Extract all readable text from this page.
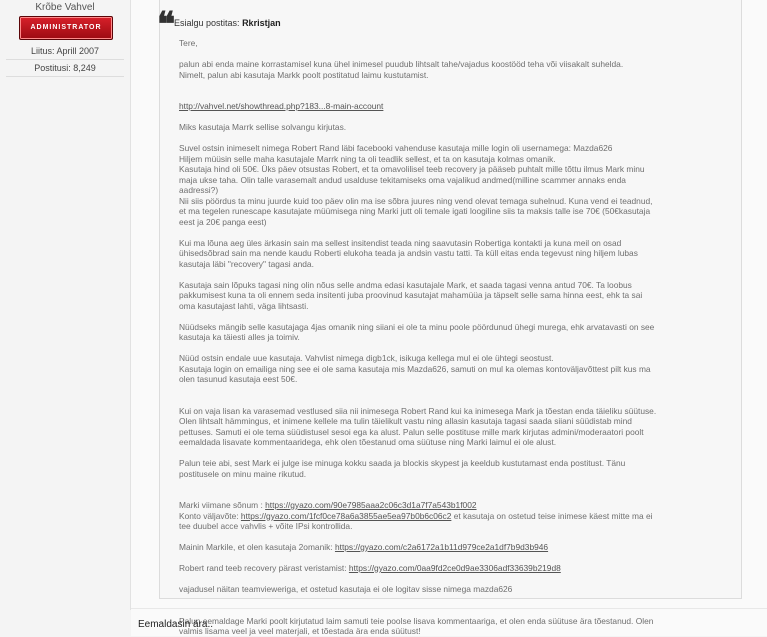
Krõbe Vahvel
ADMINISTRATOR
Liitus: Aprill 2007
Postitusi: 8,249
❝
Esialgu postitas: Rkristjan

Tere,

palun abi enda maine korrastamisel kuna ühel inimesel puudub lihtsalt tahe/vajadus koostööd teha või viisakalt suhelda.

Nimelt, palun abi kasutaja Markk poolt postitatud laimu kustutamist.

http://vahvel.net/showthread.php?183...8-main-account

Miks kasutaja Marrk sellise solvangu kirjutas.

Suvel ostsin inimeselt nimega Robert Rand läbi facebooki vahenduse kasutaja mille login oli usernamega: Mazda626

Hiljem müüsin selle maha kasutajale Marrk ning ta oli teadlik sellest, et ta on kasutaja kolmas omanik.

Kasutaja hind oli 50€. Üks päev otsustas Robert, et ta omavolilisel teeb recovery ja pääseb puhtalt mille tõttu ilmus Mark minu

maja ukse taha. Olin talle varasemalt andud usalduse tekitamiseks oma vajalikud andmed(milline scammer annaks enda

aadressi?)

Nii siis pöördus ta minu juurde kuid too päev olin ma ise sõbra juures ning vend olevat temaga suhelnud. Kuna vend ei teadnud,

et ma tegelen runescape kasutajate müümisega ning Marki jutt oli temale igati loogiline siis ta maksis talle ise 70€ (50€kasutaja

eest ja 20€ panga eest)

Kui ma lõuna aeg üles ärkasin sain ma sellest insitendist teada ning saavutasin Robertiga kontakti ja kuna meil on osad

ühisedsõbrad sain ma nende kaudu Roberti elukoha teada ja andsin vastu tatti. Ta küll eitas enda tegevust ning hiljem lubas

kasutaja läbi "recovery" tagasi anda.

Kasutaja sain lõpuks tagasi ning olin nõus selle andma edasi kasutajale Mark, et saada tagasi venna antud 70€. Ta loobus

pakkumisest kuna ta oli ennem seda insitenti juba proovinud kasutajat mahamüüa ja täpselt selle sama hinna eest, ehk ta sai

oma kasutajast lahti, väga lihtsasti.

Nüüdseks mängib selle kasutajaga 4jas omanik ning siiani ei ole ta minu poole pöördunud ühegi murega, ehk arvatavasti on see

kasutaja ka täiesti alles ja toimiv.

Nüüd ostsin endale uue kasutaja. Vahvlist nimega digb1ck, isikuga kellega mul ei ole ühtegi seostust.

Kasutaja login on emailiga ning see ei ole sama kasutaja mis Mazda626, samuti on mul ka olemas kontoväljavõttest pilt kus ma

olen tasunud kasutaja eest 50€.

Kui on vaja lisan ka varasemad vestlused siia nii inimesega Robert Rand kui ka inimesega Mark ja tõestan enda täieliku süütuse.

Olen lihtsalt hämmingus, et inimene kellele ma tulin täielikult vastu ning allasin kasutaja tagasi saada siiani süüdistab mind

pettuses. Samuti ei ole tema süüdistusel sesoi ega ka alust. Palun selle postituse mille mark kirjutas admini/moderaatori poolt

eemaldada lisavate kommentaaridega, ehk olen tõestanud oma süütuse ning Marki laimul ei ole alust.

Palun teie abi, sest Mark ei julge ise minuga kokku saada ja blockis skypest ja keeldub kustutamast enda postitust. Tänu

postitusele on minu maine rikutud.

Marki viimane sõnum : https://gyazo.com/90e7985aaa2c06c3d1a7f7a543b1f002

Konto väljavõte: https://gyazo.com/1fcf0ce78a6a3855ae5ea97b0b6c06c2 et kasutaja on ostetud teise inimese käest mitte ma ei

tee duubel acce vahvlis + võite IPsi kontrollida.

Mainin Markile, et olen kasutaja 2omanik: https://gyazo.com/c2a6172a1b11d979ce2a1df7b9d3b946

Robert rand teeb recovery pärast veristamist: https://gyazo.com/0aa9fd2ce0d9ae3306adf33639b219d8

vajadusel näitan teamvieweriga, et ostetud kasutaja ei ole logitav sisse nimega mazda626

Palun eemaldage Marki poolt kirjutatud laim samuti teie poolse lisava kommentaariga, et olen enda süütuse ära tõestanud. Olen

valmis lisama veel ja veel materjali, et tõestada ära enda süütust!

Eemaldasin ära..
